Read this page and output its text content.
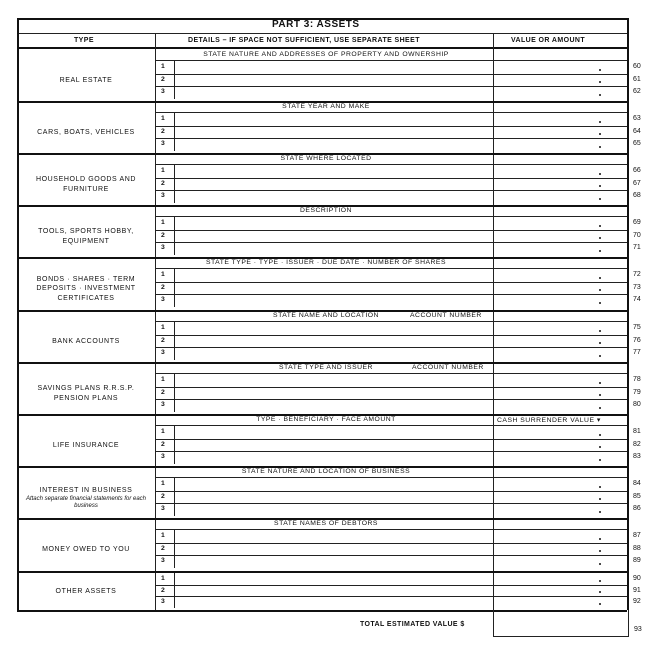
PART 3: ASSETS
TYPE	DETAILS – IF SPACE NOT SUFFICIENT, USE SEPARATE SHEET	VALUE OR AMOUNT
STATE NATURE AND ADDRESSES OF PROPERTY AND OWNERSHIP
REAL ESTATE
1	60
2	61
3	62
STATE YEAR AND MAKE
CARS, BOATS, VEHICLES
1	63
2	64
3	65
STATE WHERE LOCATED
HOUSEHOLD GOODS AND FURNITURE
1	66
2	67
3	68
DESCRIPTION
TOOLS, SPORTS HOBBY, EQUIPMENT
1	69
2	70
3	71
STATE TYPE · TYPE · ISSUER · DUE DATE · NUMBER OF SHARES
BONDS · SHARES · TERM DEPOSITS · INVESTMENT CERTIFICATES
1	72
2	73
3	74
STATE NAME AND LOCATION	ACCOUNT NUMBER
BANK ACCOUNTS
1	75
2	76
3	77
STATE TYPE AND ISSUER	ACCOUNT NUMBER
SAVINGS PLANS R.R.S.P. PENSION PLANS
1	78
2	79
3	80
TYPE · BENEFICIARY · FACE AMOUNT	CASH SURRENDER VALUE ▾
LIFE INSURANCE
1	81
2	82
3	83
STATE NATURE AND LOCATION OF BUSINESS
INTEREST IN BUSINESS
Attach separate financial statements for each business
1	84
2	85
3	86
STATE NAMES OF DEBTORS
MONEY OWED TO YOU
1	87
2	88
3	89
OTHER ASSETS
1	90
2	91
3	92
TOTAL ESTIMATED VALUE $
93
